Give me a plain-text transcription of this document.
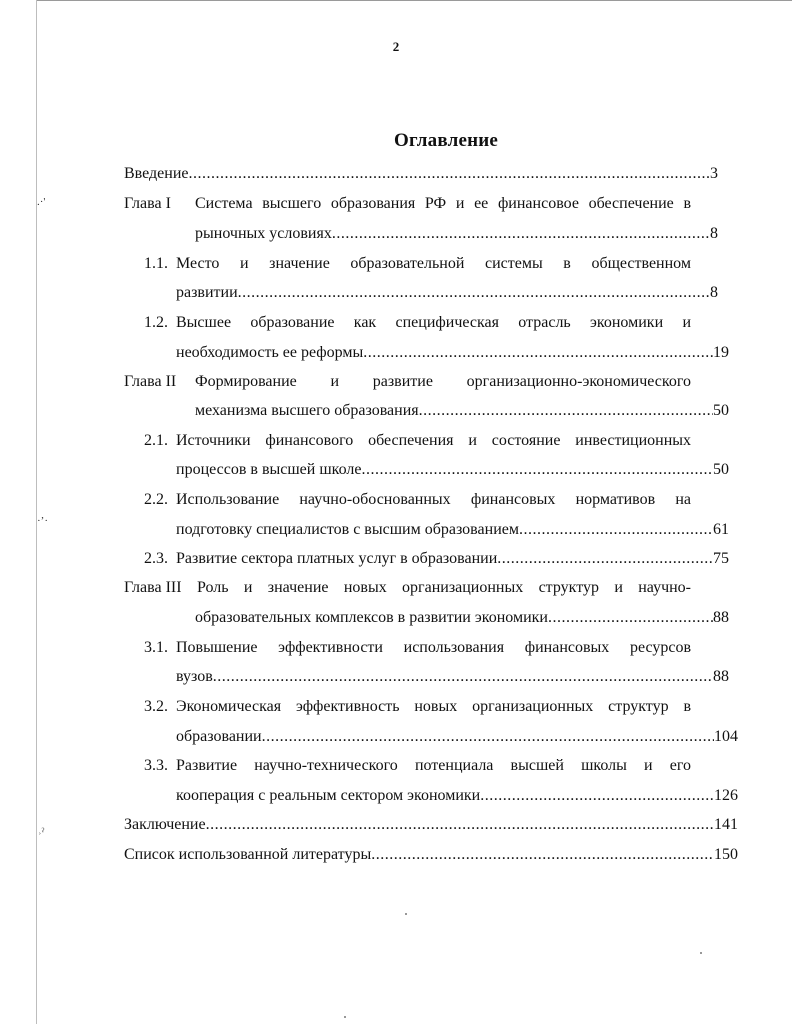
2
Оглавление
Введение .....	3
Глава I Система высшего образования РФ и ее финансовое обеспечение в
рыночных условиях .....	8
1.1. Место и значение образовательной системы в общественном
развитии .....	8
1.2. Высшее образование как специфическая отрасль экономики и
необходимость ее реформы .....	19
Глава II Формирование и развитие организационно-экономического
механизма высшего образования .....	50
2.1. Источники финансового обеспечения и состояние инвестиционных
процессов в высшей школе .....	50
2.2. Использование научно-обоснованных финансовых нормативов на
подготовку специалистов с высшим образованием .....	61
2.3. Развитие сектора платных услуг в образовании .....	75
Глава III Роль и значение новых организационных структур и научно-
образовательных комплексов в развитии экономики .....	88
3.1. Повышение эффективности использования финансовых ресурсов
вузов .....	88
3.2. Экономическая эффективность новых организационных структур в
образовании .....	104
3.3. Развитие научно-технического потенциала высшей школы и его
кооперация с реальным сектором экономики .....	126
Заключение .....	141
Список использованной литературы .....	150
.·'
·ʼ·
˒ˀ
